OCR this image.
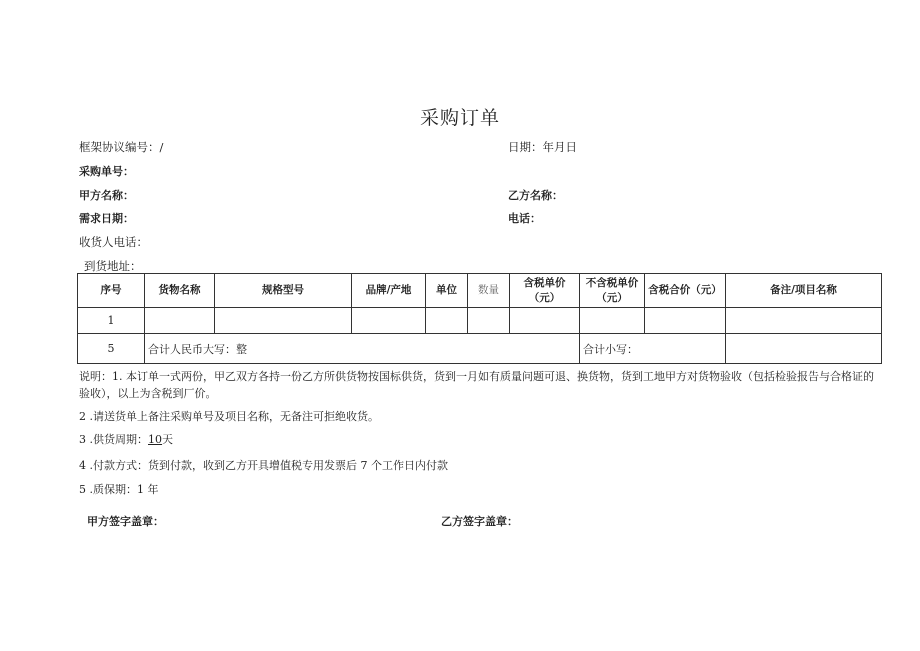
采购订单
框架协议编号：/	日期：年月日
采购单号：
甲方名称：	乙方名称：
需求日期：	电话：
收货人电话：
到货地址：
序号	货物名称	规格型号	品牌/产地	单位	数量	含税单价（元）	不含税单价（元）	含税合价（元）	备注/项目名称
1									
5	合计人民币大写：整						合计小写：		
说明：1. 本订单一式两份，甲乙双方各持一份乙方所供货物按国标供货，货到一月如有质量问题可退、换货物，货到工地甲方对货物验收（包括检验报告与合格证的验收），以上为含税到厂价。
2 .请送货单上备注采购单号及项目名称，无备注可拒绝收货。
3 .供货周期：10天
4 .付款方式：货到付款，收到乙方开具增值税专用发票后 7 个工作日内付款
5 .质保期：1 年
甲方签字盖章：	乙方签字盖章：
